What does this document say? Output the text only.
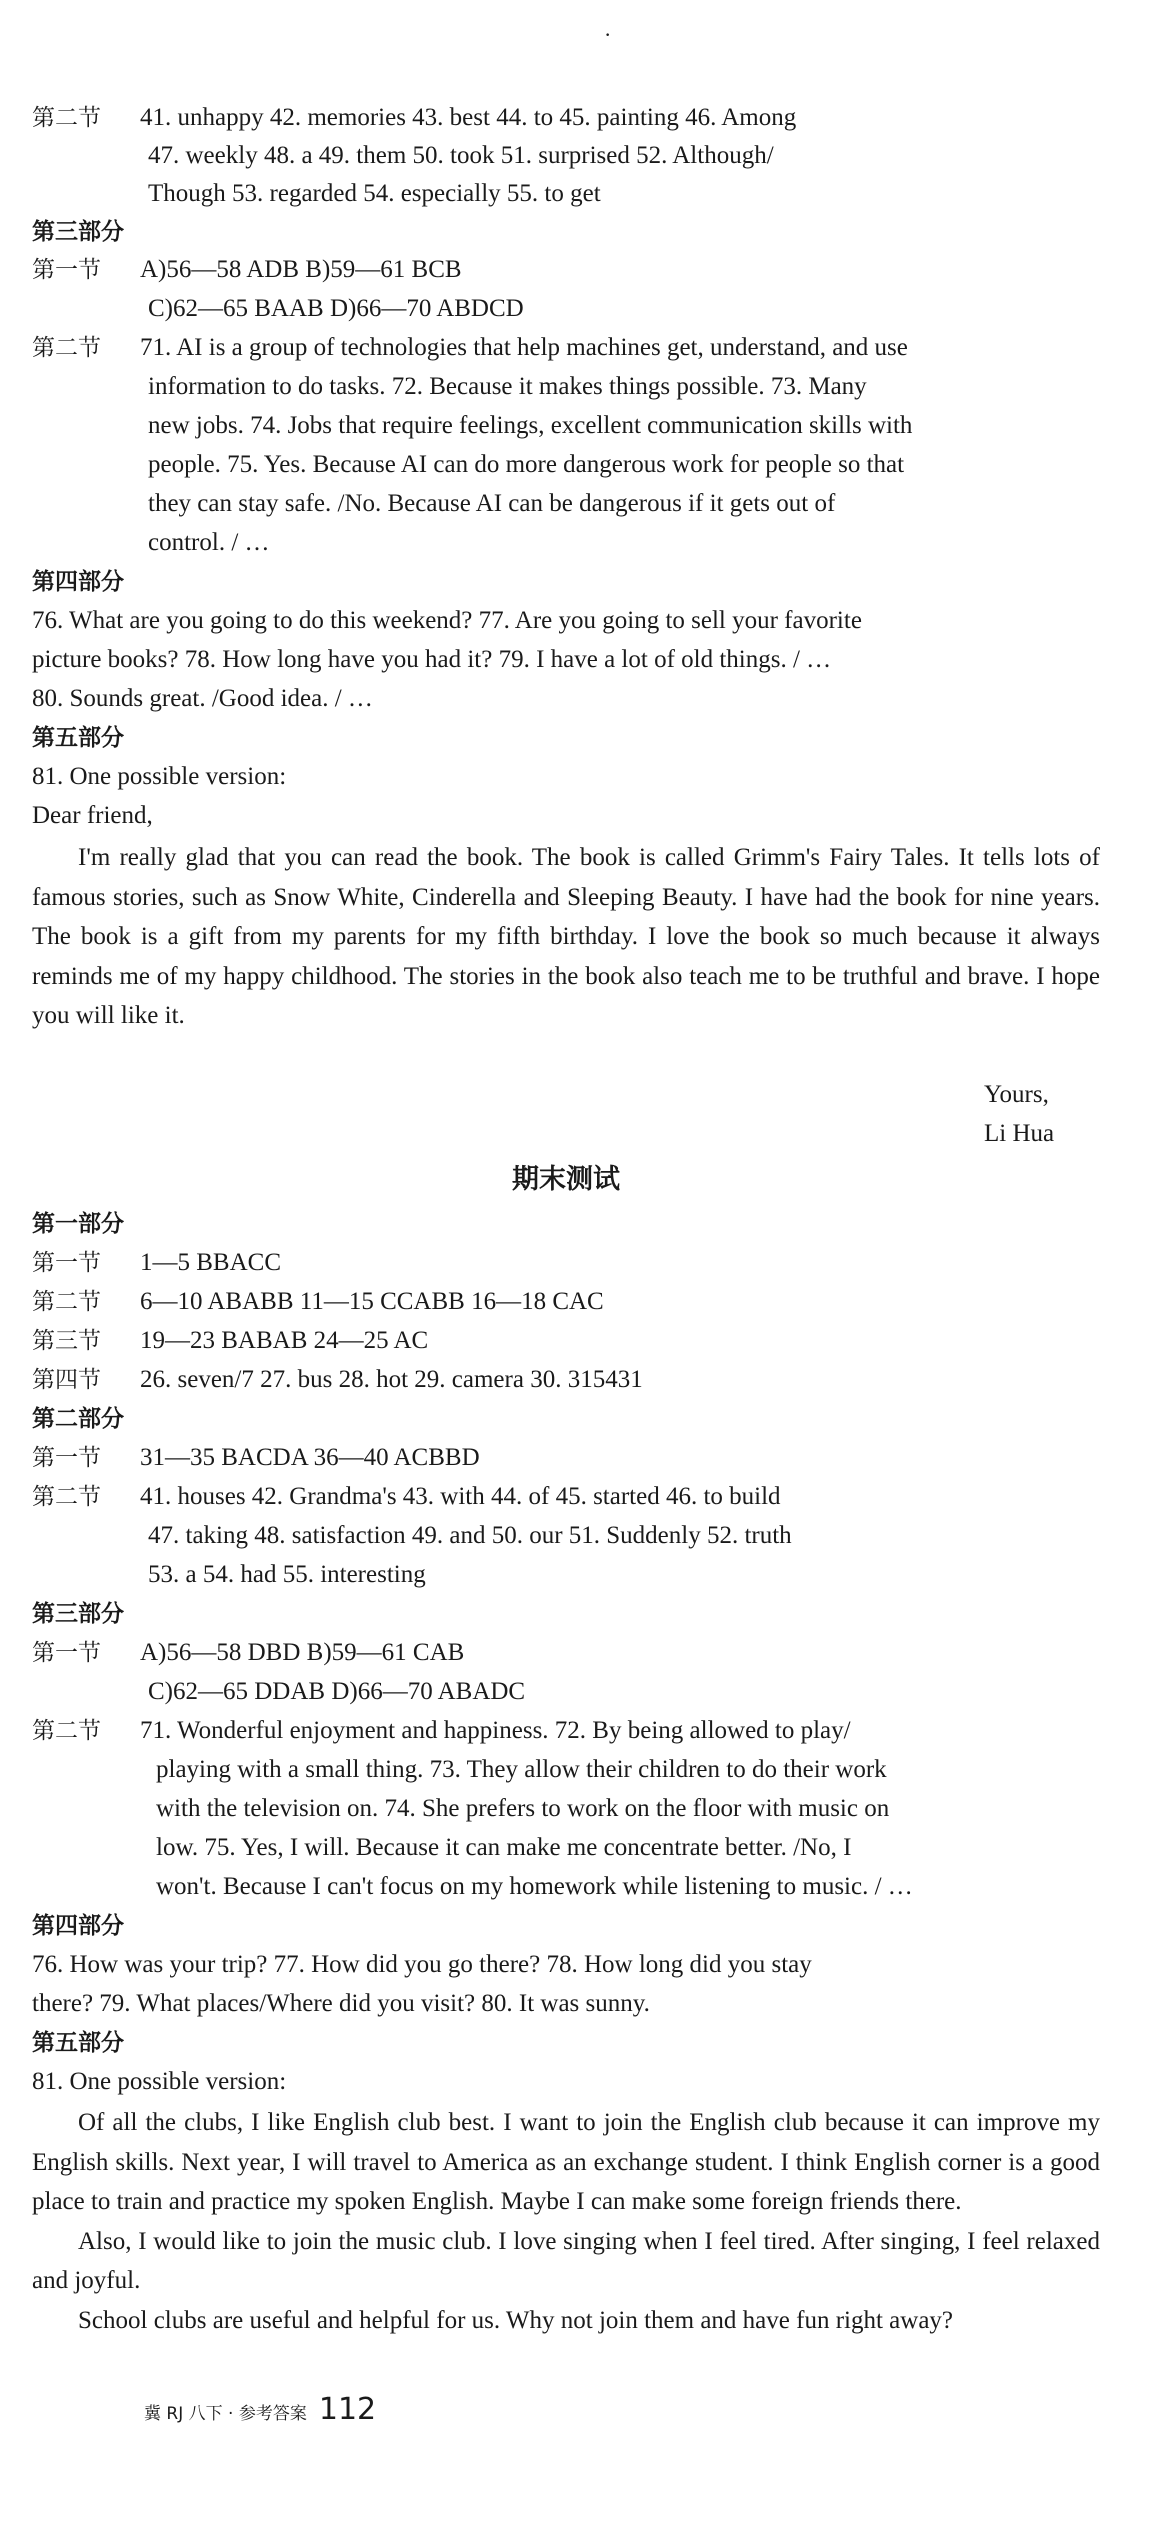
·
第二节 41. unhappy 42. memories 43. best 44. to 45. painting 46. Among
47. weekly 48. a 49. them 50. took 51. surprised 52. Although/
Though 53. regarded 54. especially 55. to get
第三部分
第一节 A)56—58 ADB B)59—61 BCB
C)62—65 BAAB D)66—70 ABDCD
第二节 71. AI is a group of technologies that help machines get, understand, and use
information to do tasks. 72. Because it makes things possible. 73. Many
new jobs. 74. Jobs that require feelings, excellent communication skills with
people. 75. Yes. Because AI can do more dangerous work for people so that
they can stay safe. /No. Because AI can be dangerous if it gets out of
control. / …
第四部分
76. What are you going to do this weekend? 77. Are you going to sell your favorite
picture books? 78. How long have you had it? 79. I have a lot of old things. / …
80. Sounds great. /Good idea. / …
第五部分
81. One possible version:
Dear friend,

I'm really glad that you can read the book. The book is called Grimm's Fairy Tales. It tells lots of famous stories, such as Snow White, Cinderella and Sleeping Beauty. I have had the book for nine years. The book is a gift from my parents for my fifth birthday. I love the book so much because it always reminds me of my happy childhood. The stories in the book also teach me to be truthful and brave. I hope you will like it.

Yours,
Li Hua
期末测试
第一部分
第一节 1—5 BBACC
第二节 6—10 ABABB 11—15 CCABB 16—18 CAC
第三节 19—23 BABAB 24—25 AC
第四节 26. seven/7 27. bus 28. hot 29. camera 30. 315431
第二部分
第一节 31—35 BACDA 36—40 ACBBD
第二节 41. houses 42. Grandma's 43. with 44. of 45. started 46. to build
47. taking 48. satisfaction 49. and 50. our 51. Suddenly 52. truth
53. a 54. had 55. interesting
第三部分
第一节 A)56—58 DBD B)59—61 CAB
C)62—65 DDAB D)66—70 ABADC
第二节 71. Wonderful enjoyment and happiness. 72. By being allowed to play/
playing with a small thing. 73. They allow their children to do their work
with the television on. 74. She prefers to work on the floor with music on
low. 75. Yes, I will. Because it can make me concentrate better. /No, I
won't. Because I can't focus on my homework while listening to music. / …
第四部分
76. How was your trip? 77. How did you go there? 78. How long did you stay
there? 79. What places/Where did you visit? 80. It was sunny.
第五部分
81. One possible version:

Of all the clubs, I like English club best. I want to join the English club because it can improve my English skills. Next year, I will travel to America as an exchange student. I think English corner is a good place to train and practice my spoken English. Maybe I can make some foreign friends there.

Also, I would like to join the music club. I love singing when I feel tired. After singing, I feel relaxed and joyful.

School clubs are useful and helpful for us. Why not join them and have fun right away?

冀 RJ 八下 · 参考答案 112
